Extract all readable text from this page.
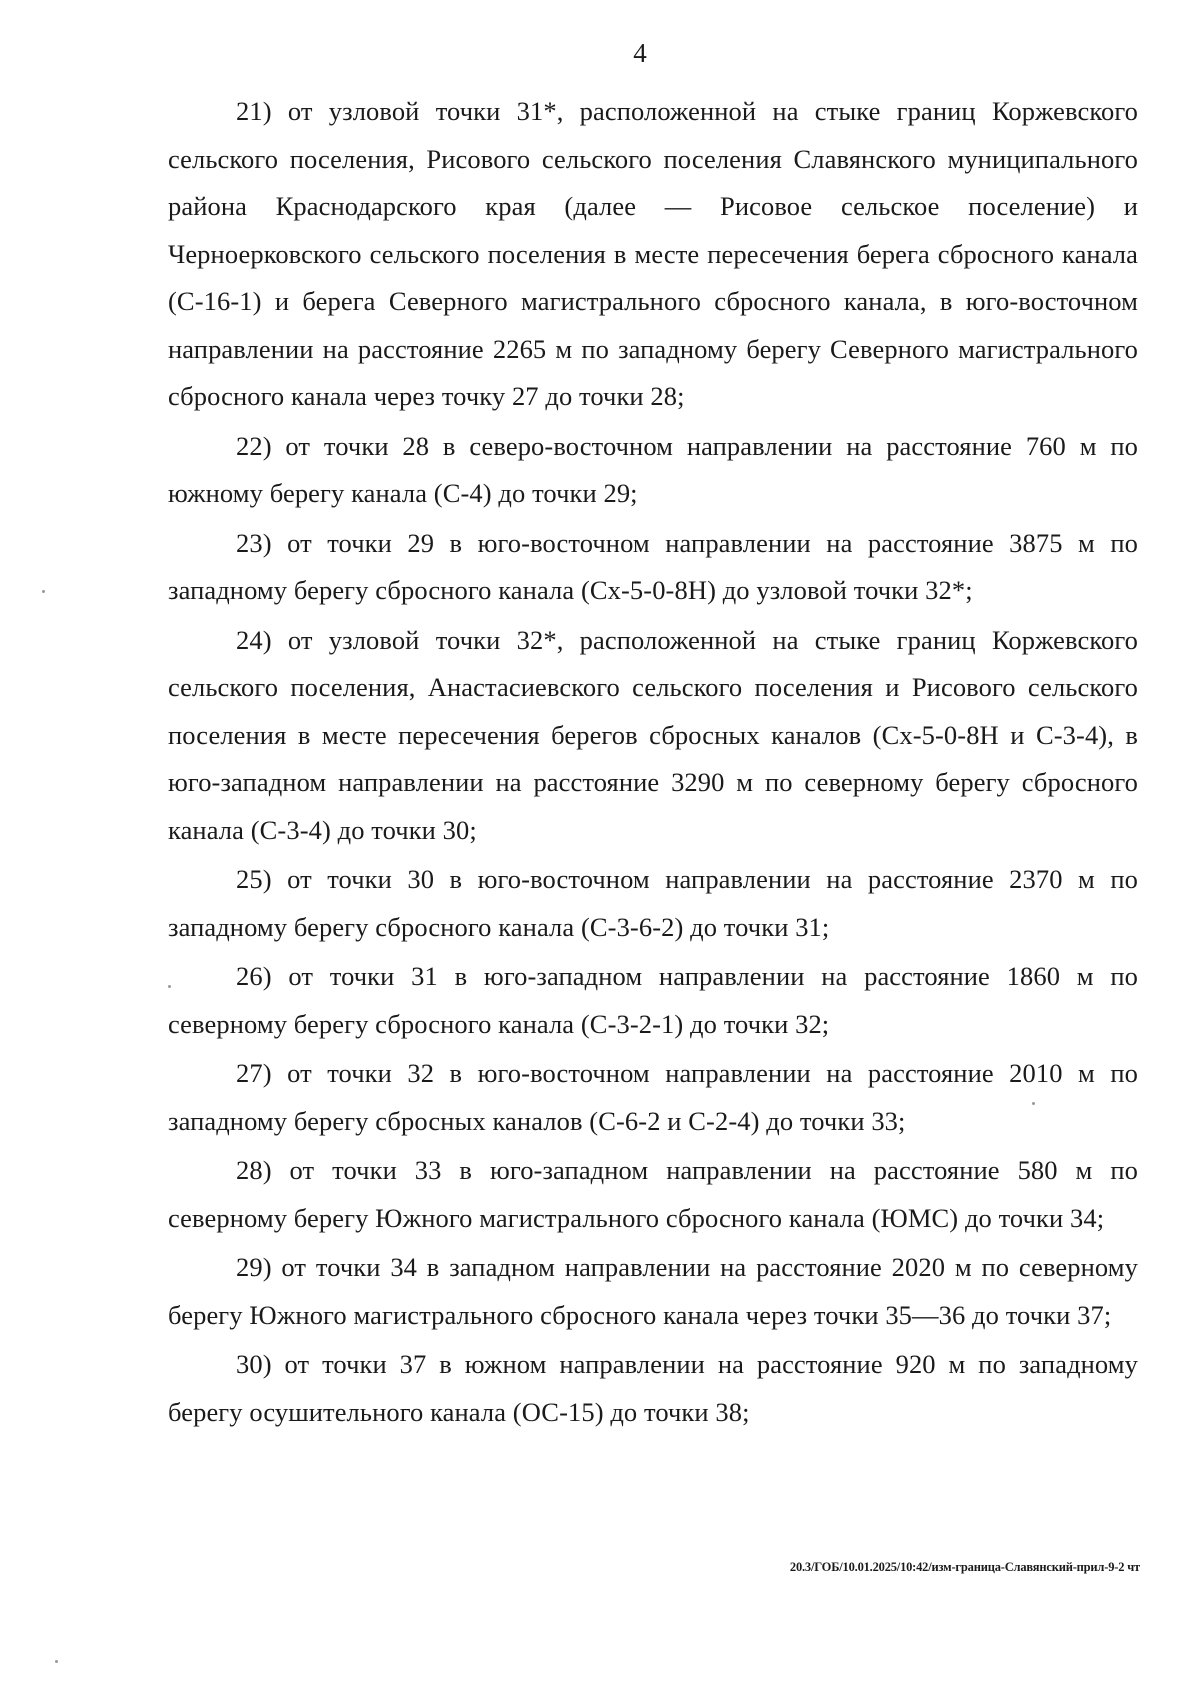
4

21) от узловой точки 31*, расположенной на стыке границ Коржевского сельского поселения, Рисового сельского поселения Славянского муниципального района Краснодарского края (далее — Рисовое сельское поселение) и Черноерковского сельского поселения в месте пересечения берега сбросного канала (С-16-1) и берега Северного магистрального сбросного канала, в юго-восточном направлении на расстояние 2265 м по западному берегу Северного магистрального сбросного канала через точку 27 до точки 28;

22) от точки 28 в северо-восточном направлении на расстояние 760 м по южному берегу канала (С-4) до точки 29;

23) от точки 29 в юго-восточном направлении на расстояние 3875 м по западному берегу сбросного канала (Сх-5-0-8Н) до узловой точки 32*;

24) от узловой точки 32*, расположенной на стыке границ Коржевского сельского поселения, Анастасиевского сельского поселения и Рисового сельского поселения в месте пересечения берегов сбросных каналов (Сх-5-0-8Н и С-3-4), в юго-западном направлении на расстояние 3290 м по северному берегу сбросного канала (С-3-4) до точки 30;

25) от точки 30 в юго-восточном направлении на расстояние 2370 м по западному берегу сбросного канала (С-3-6-2) до точки 31;

26) от точки 31 в юго-западном направлении на расстояние 1860 м по северному берегу сбросного канала (С-3-2-1) до точки 32;

27) от точки 32 в юго-восточном направлении на расстояние 2010 м по западному берегу сбросных каналов (С-6-2 и С-2-4) до точки 33;

28) от точки 33 в юго-западном направлении на расстояние 580 м по северному берегу Южного магистрального сбросного канала (ЮМС) до точки 34;

29) от точки 34 в западном направлении на расстояние 2020 м по северному берегу Южного магистрального сбросного канала через точки 35—36 до точки 37;

30) от точки 37 в южном направлении на расстояние 920 м по западному берегу осушительного канала (ОС-15) до точки 38;

20.3/ГОБ/10.01.2025/10:42/изм-граница-Славянский-прил-9-2 чт
